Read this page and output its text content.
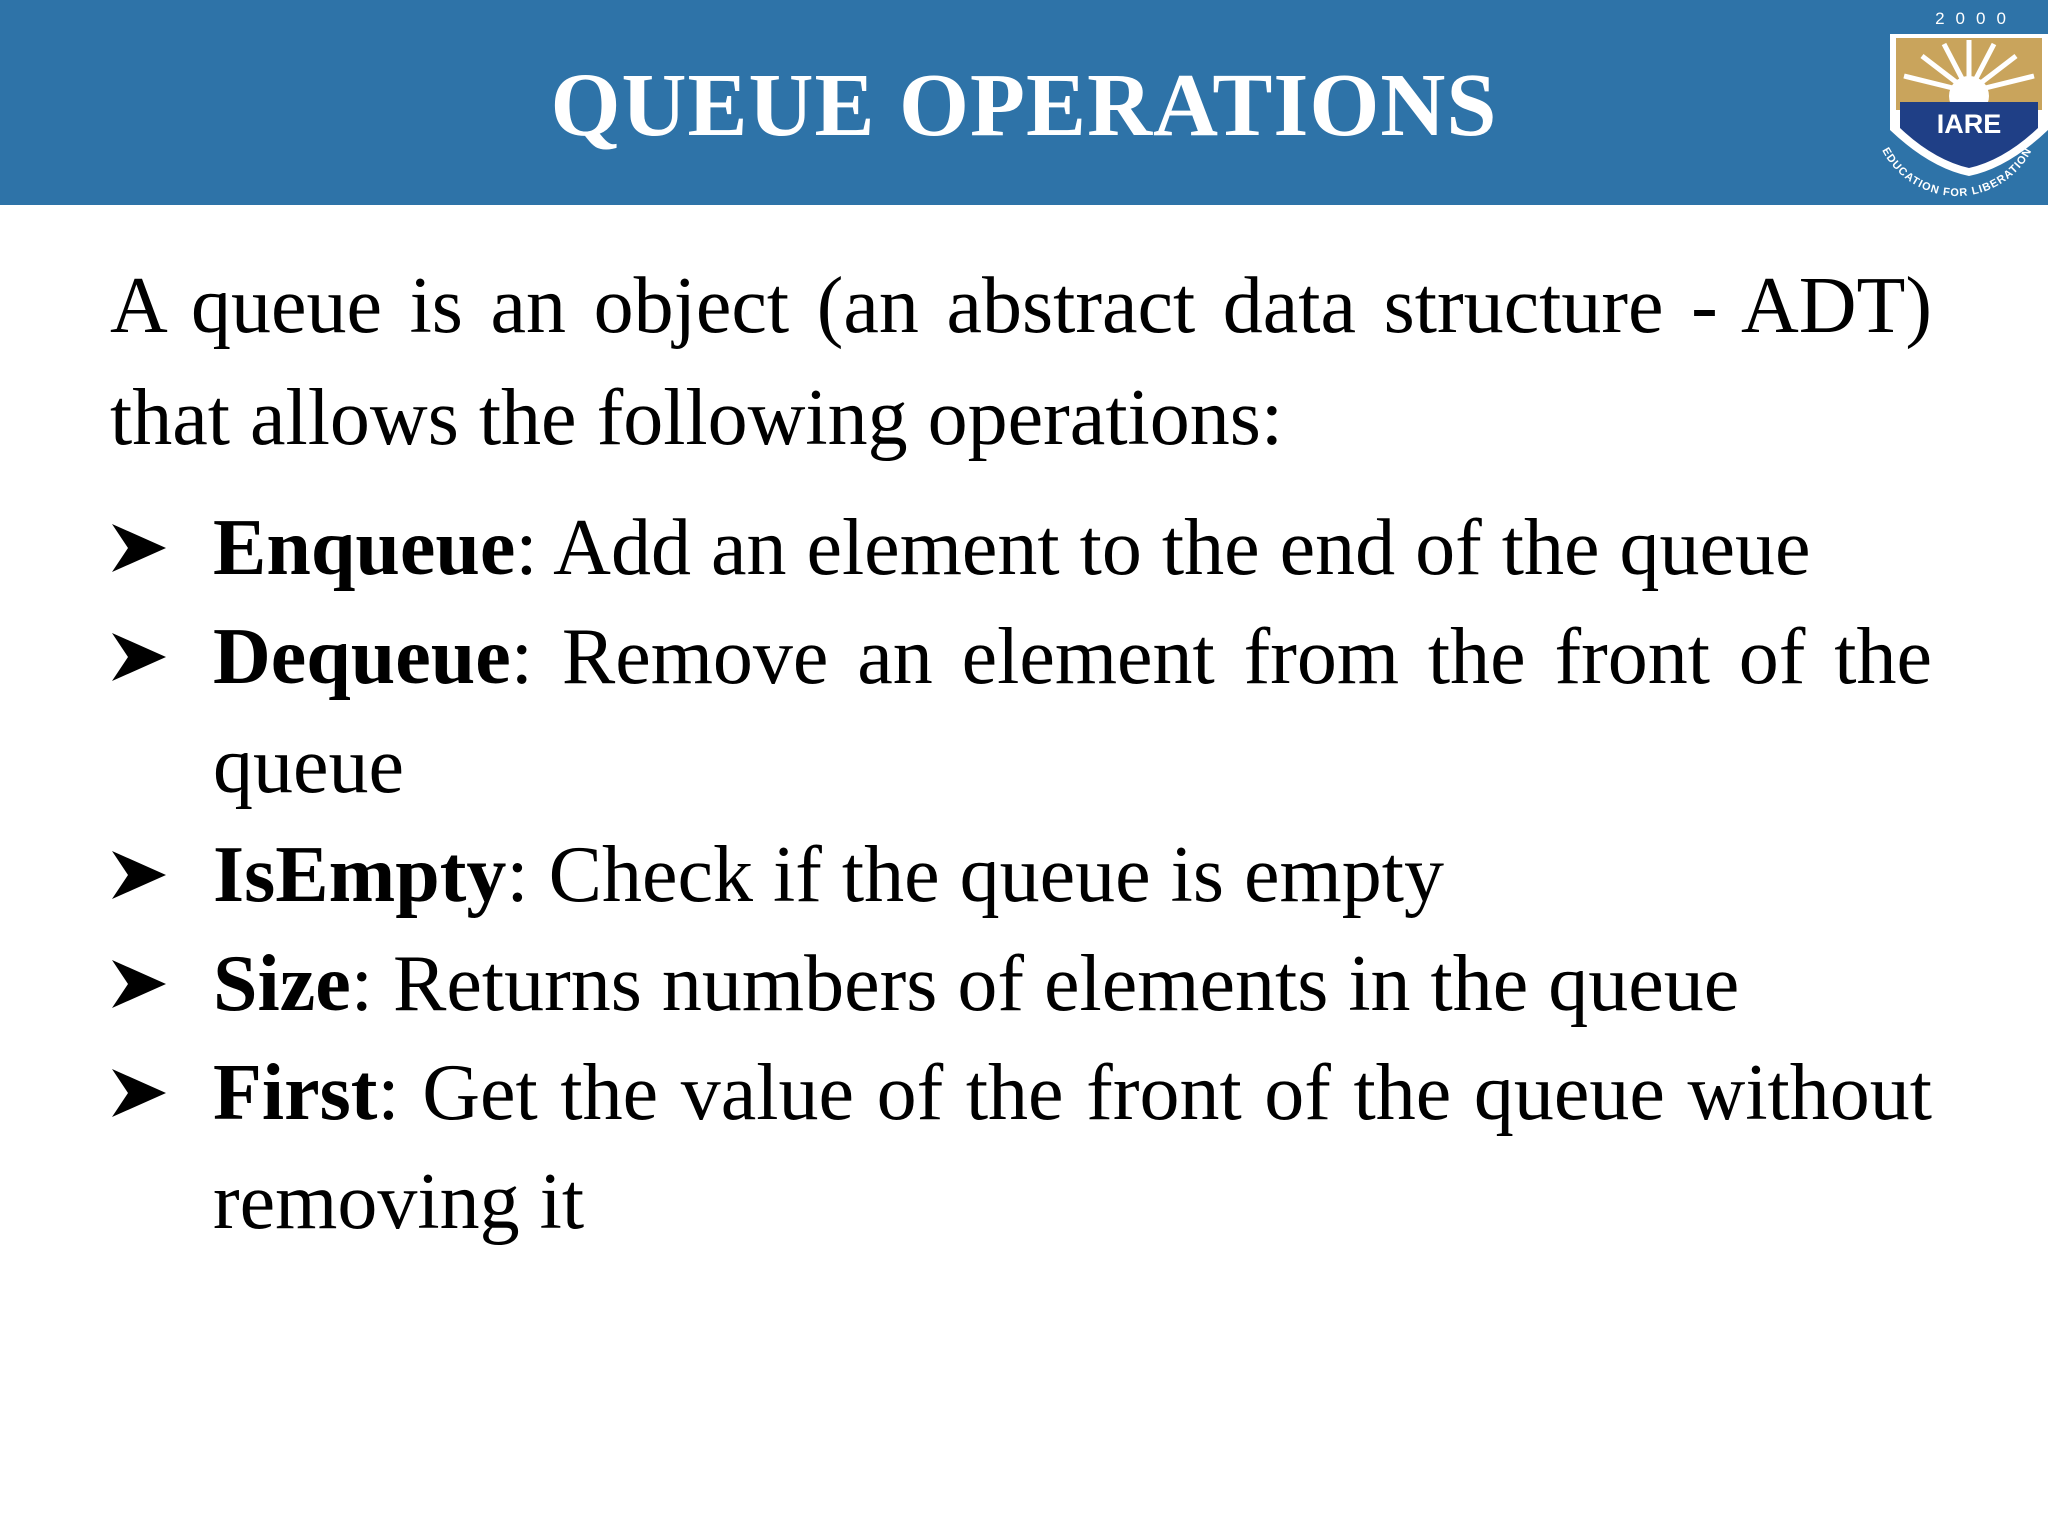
QUEUE OPERATIONS
2000
IARE
EDUCATION FOR LIBERATION

A queue is an object (an abstract data structure - ADT) that allows the following operations:

Enqueue: Add an element to the end of the queue
Dequeue: Remove an element from the front of the queue
IsEmpty: Check if the queue is empty
Size: Returns numbers of elements in the queue
First: Get the value of the front of the queue without removing it
